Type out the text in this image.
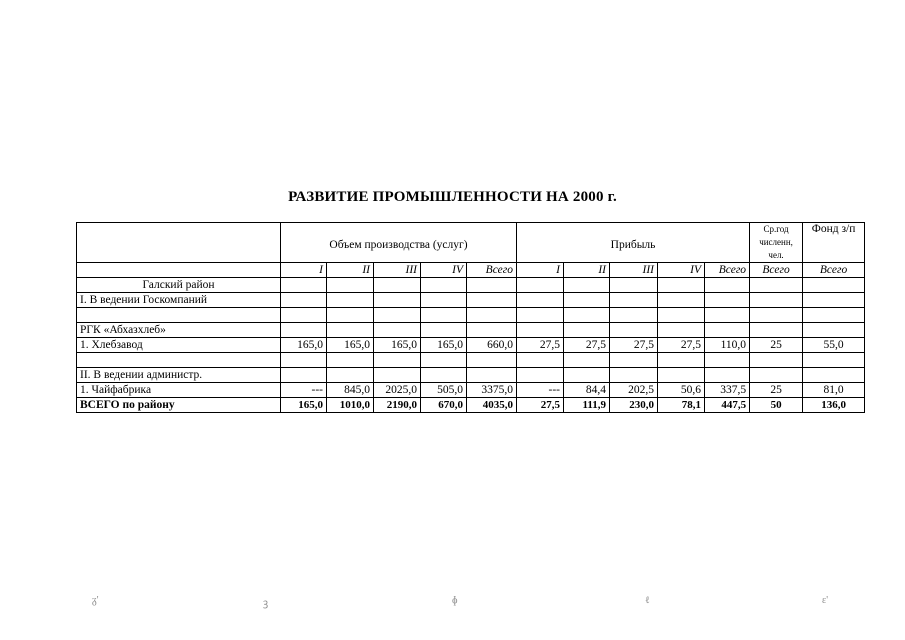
РАЗВИТИЕ ПРОМЫШЛЕННОСТИ НА 2000 г.
	Объем производства (услуг)					Прибыль					Ср.год численн, чел.	Фонд з/п
	I	II	III	IV	Всего	I	II	III	IV	Всего	Всего	Всего
Галский район												
I. В ведении Госкомпаний												

РГК «Абхазхлеб»												
1. Хлебзавод	165,0	165,0	165,0	165,0	660,0	27,5	27,5	27,5	27,5	110,0	25	55,0

II. В ведении администр.												
1. Чайфабрика	---	845,0	2025,0	505,0	3375,0	---	84,4	202,5	50,6	337,5	25	81,0
ВСЕГО по району	165,0	1010,0	2190,0	670,0	4035,0	27,5	111,9	230,0	78,1	447,5	50	136,0
ᵹ'	ꝫ	ɸ	ℓ	ɛ'
